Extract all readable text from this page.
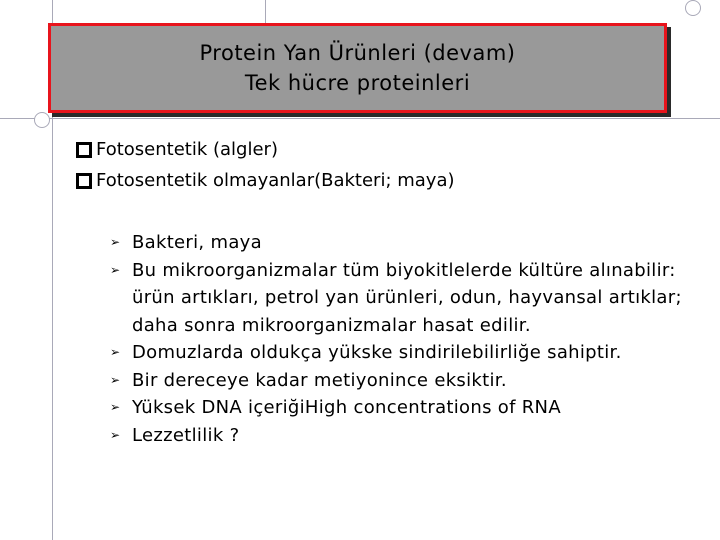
Protein Yan Ürünleri (devam)
Tek hücre proteinleri
Fotosentetik (algler)
Fotosentetik olmayanlar(Bakteri; maya)
➢ Bakteri, maya
➢ Bu mikroorganizmalar tüm biyokitlelerde kültüre alınabilir: ürün artıkları, petrol yan ürünleri, odun, hayvansal artıklar; daha sonra mikroorganizmalar hasat edilir.
➢ Domuzlarda oldukça yükske sindirilebilirliğe sahiptir.
➢ Bir dereceye kadar metiyonince eksiktir.
➢ Yüksek DNA içeriğiHigh concentrations of RNA
➢ Lezzetlilik ?
